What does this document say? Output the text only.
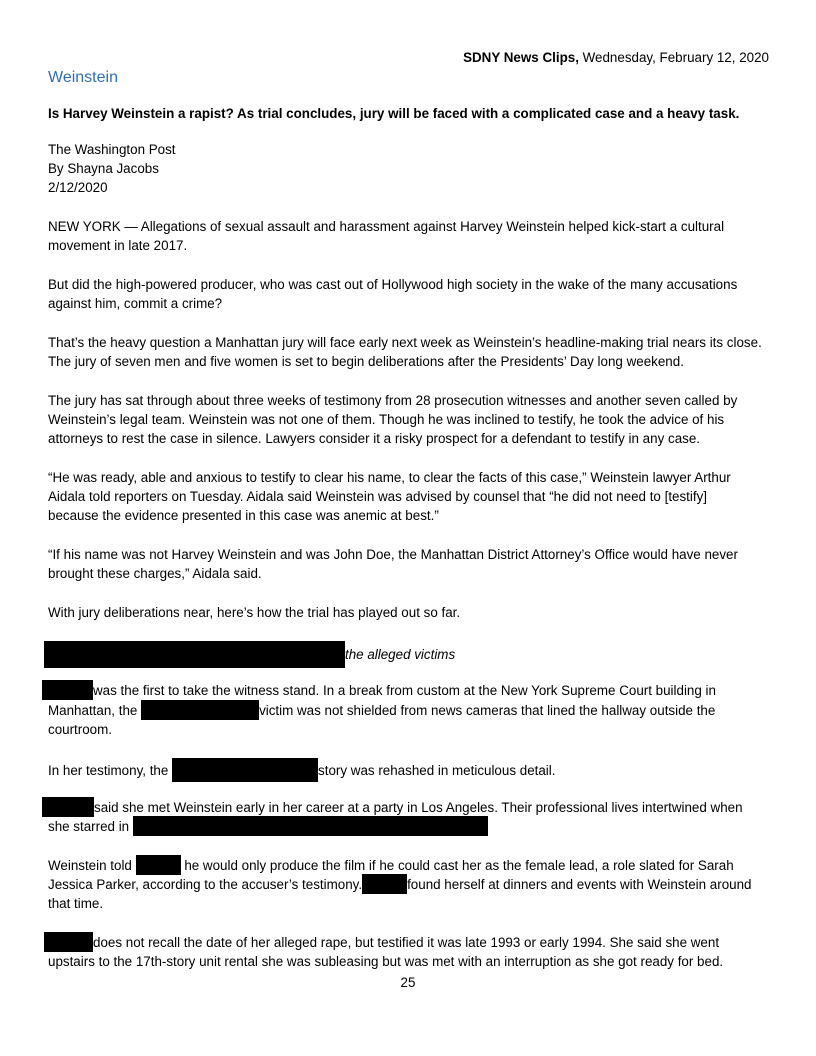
SDNY News Clips, Wednesday, February 12, 2020
Weinstein
Is Harvey Weinstein a rapist? As trial concludes, jury will be faced with a complicated case and a heavy task.
The Washington Post
By Shayna Jacobs
2/12/2020
NEW YORK — Allegations of sexual assault and harassment against Harvey Weinstein helped kick-start a cultural
movement in late 2017.
But did the high-powered producer, who was cast out of Hollywood high society in the wake of the many accusations
against him, commit a crime?
That’s the heavy question a Manhattan jury will face early next week as Weinstein’s headline-making trial nears its close.
The jury of seven men and five women is set to begin deliberations after the Presidents’ Day long weekend.
The jury has sat through about three weeks of testimony from 28 prosecution witnesses and another seven called by
Weinstein’s legal team. Weinstein was not one of them. Though he was inclined to testify, he took the advice of his
attorneys to rest the case in silence. Lawyers consider it a risky prospect for a defendant to testify in any case.
“He was ready, able and anxious to testify to clear his name, to clear the facts of this case,” Weinstein lawyer Arthur
Aidala told reporters on Tuesday. Aidala said Weinstein was advised by counsel that “he did not need to [testify]
because the evidence presented in this case was anemic at best.”
“If his name was not Harvey Weinstein and was John Doe, the Manhattan District Attorney’s Office would have never
brought these charges,” Aidala said.
With jury deliberations near, here’s how the trial has played out so far.
the alleged victims
was the first to take the witness stand. In a break from custom at the New York Supreme Court building in
Manhattan, the	victim was not shielded from news cameras that lined the hallway outside the
courtroom.
In her testimony, the	story was rehashed in meticulous detail.
said she met Weinstein early in her career at a party in Los Angeles. Their professional lives intertwined when
she starred in
Weinstein told	he would only produce the film if he could cast her as the female lead, a role slated for Sarah
Jessica Parker, according to the accuser’s testimony.	found herself at dinners and events with Weinstein around
that time.
does not recall the date of her alleged rape, but testified it was late 1993 or early 1994. She said she went
upstairs to the 17th-story unit rental she was subleasing but was met with an interruption as she got ready for bed.
25
